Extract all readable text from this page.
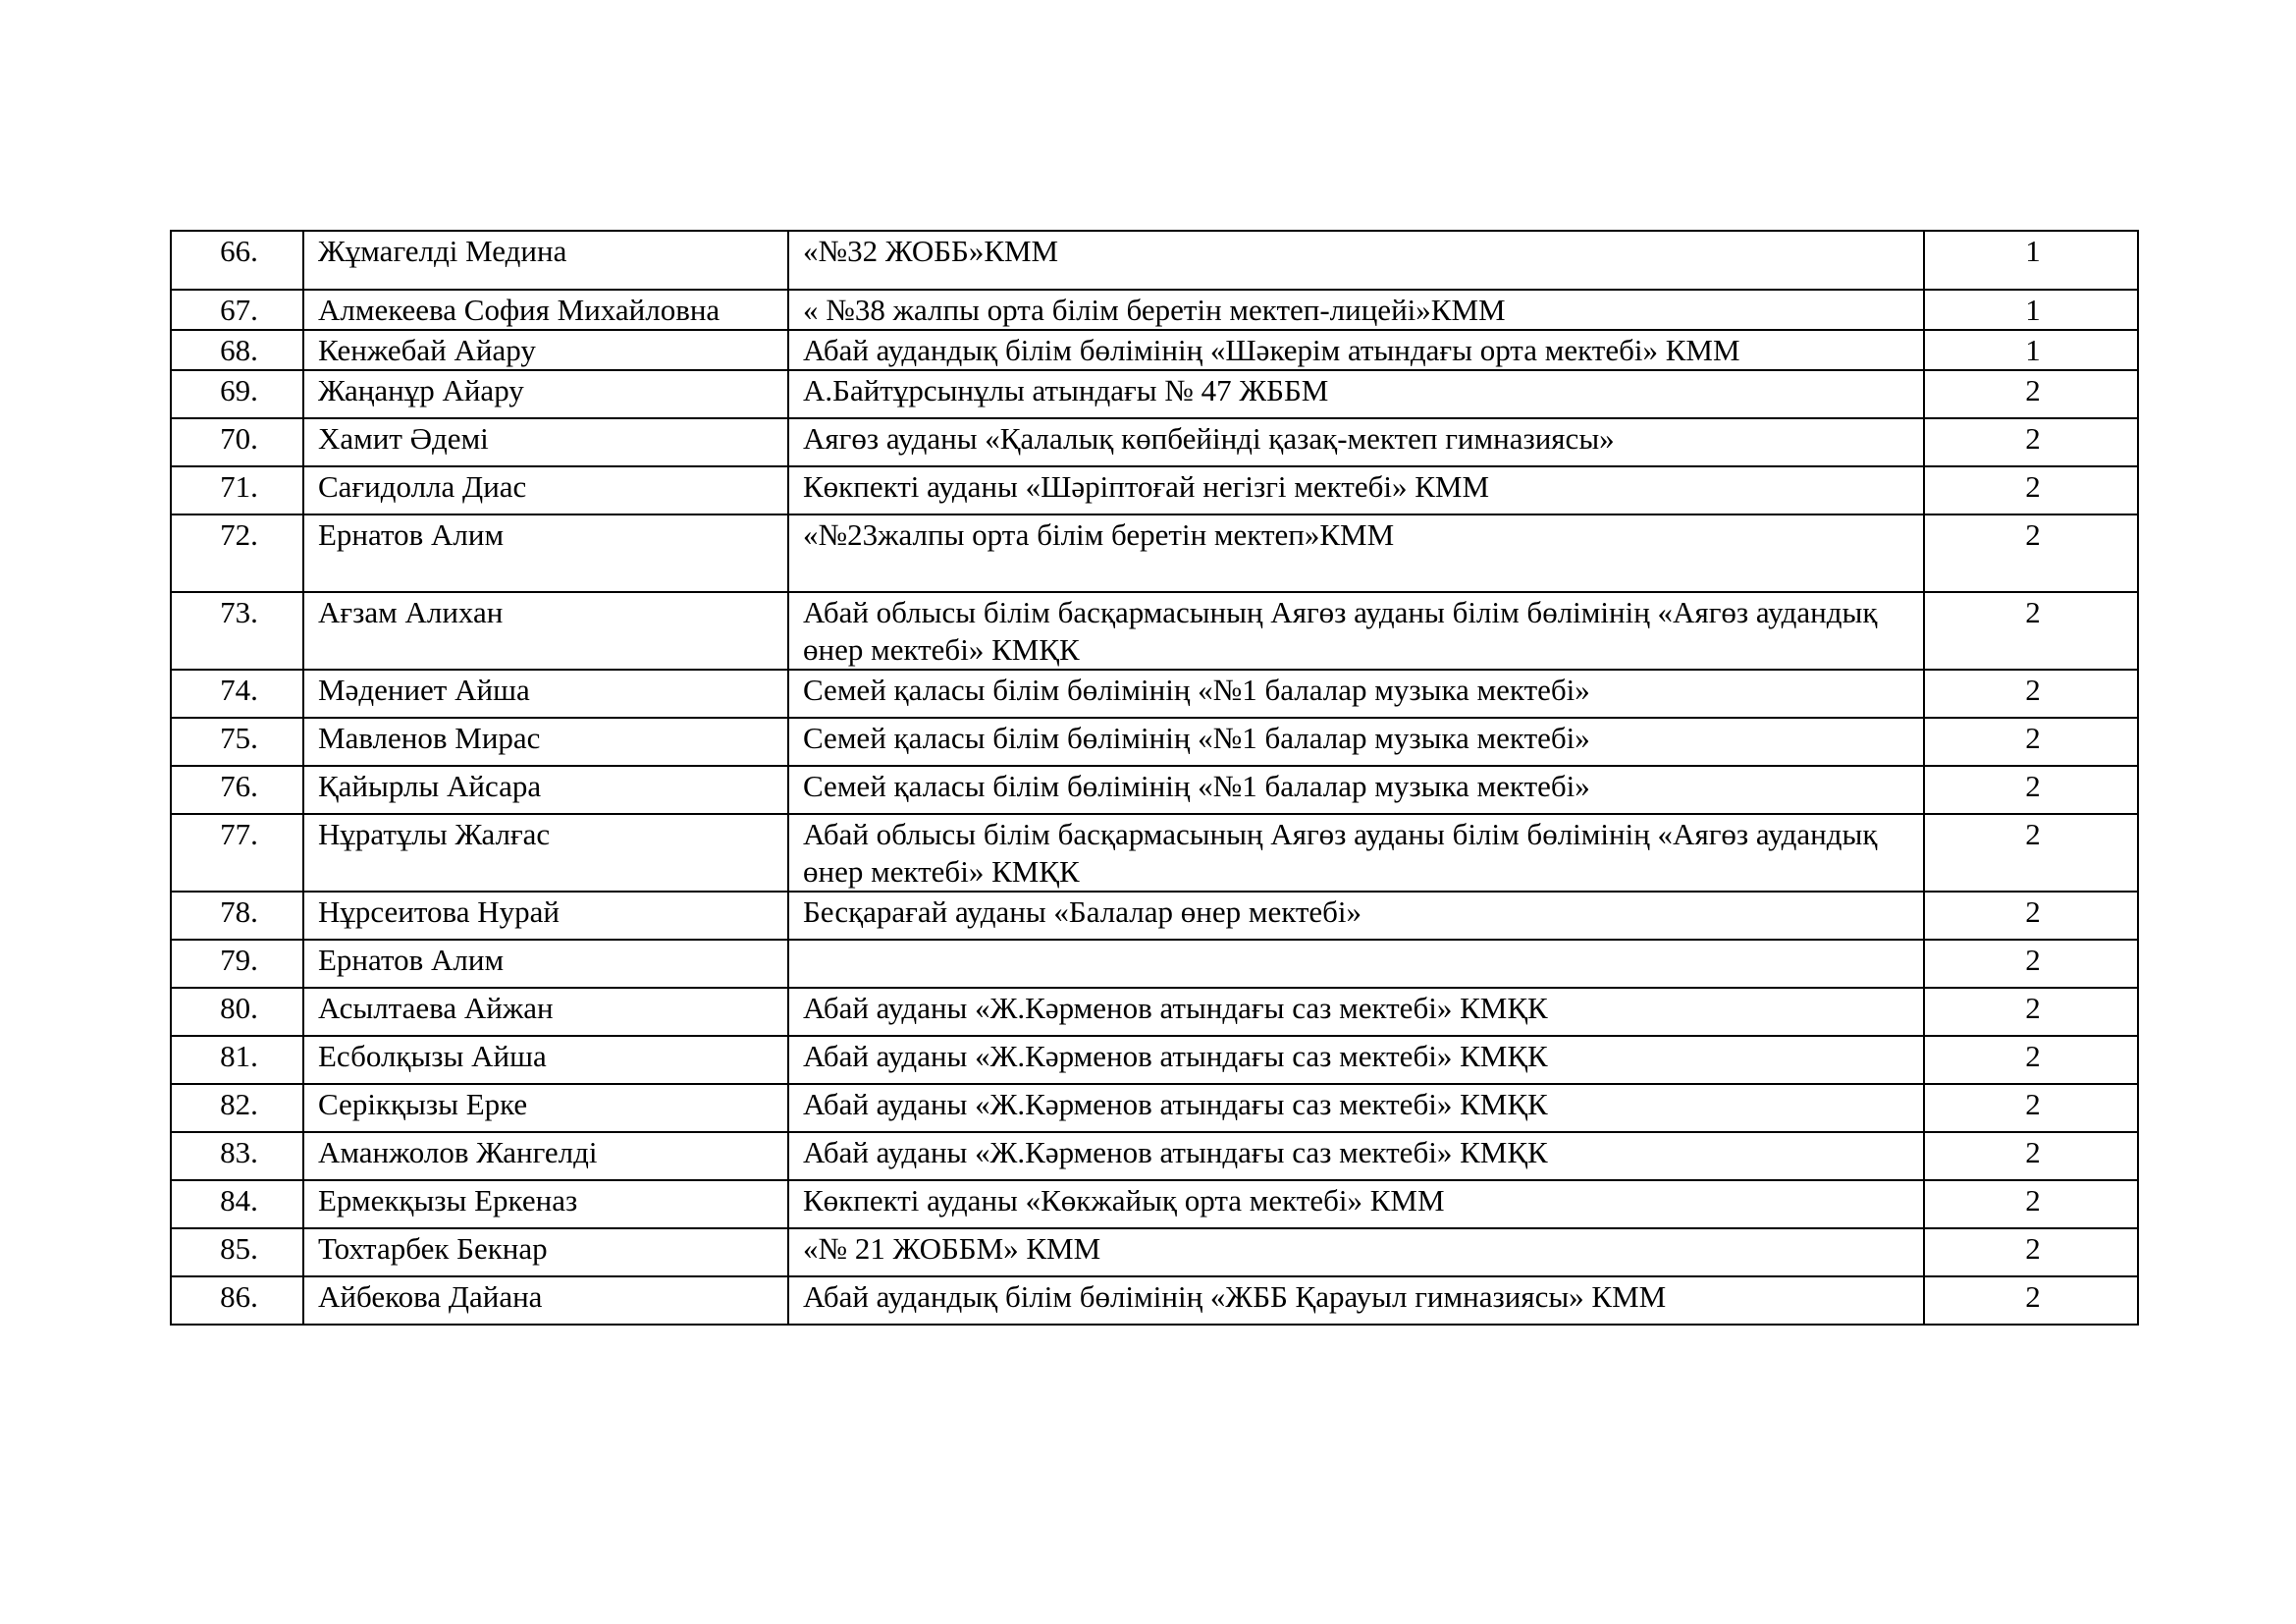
66.	Жұмагелді Медина	«№32 ЖОББ»КММ	1
67.	Алмекеева София Михайловна	« №38 жалпы орта білім беретін мектеп-лицейі»КММ	1
68.	Кенжебай Айару	Абай аудандық білім бөлімінің «Шәкерім атындағы орта мектебі» КММ	1
69.	Жаңанұр Айару	А.Байтұрсынұлы атындағы № 47 ЖББМ	2
70.	Хамит Әдемі	Аягөз ауданы «Қалалық көпбейінді қазақ-мектеп гимназиясы»	2
71.	Сағидолла Диас	Көкпекті ауданы «Шәріптоғай негізгі мектебі» КММ	2
72.	Ернатов Алим	«№23жалпы орта білім беретін мектеп»КММ	2
73.	Ағзам Алихан	Абай облысы білім басқармасының Аягөз ауданы білім бөлімінің «Аягөз аудандық өнер мектебі» КМҚК	2
74.	Мәдениет Айша	Семей қаласы білім бөлімінің «№1 балалар музыка мектебі»	2
75.	Мавленов Мирас	Семей қаласы білім бөлімінің «№1 балалар музыка мектебі»	2
76.	Қайырлы Айсара	Семей қаласы білім бөлімінің «№1 балалар музыка мектебі»	2
77.	Нұратұлы Жалғас	Абай облысы білім басқармасының Аягөз ауданы білім бөлімінің «Аягөз аудандық өнер мектебі» КМҚК	2
78.	Нұрсеитова Нурай	Бесқарағай ауданы «Балалар өнер мектебі»	2
79.	Ернатов Алим		2
80.	Асылтаева Айжан	Абай ауданы «Ж.Кәрменов атындағы саз мектебі» КМҚК	2
81.	Есболқызы Айша	Абай ауданы «Ж.Кәрменов атындағы саз мектебі» КМҚК	2
82.	Серікқызы Ерке	Абай ауданы «Ж.Кәрменов атындағы саз мектебі» КМҚК	2
83.	Аманжолов Жангелді	Абай ауданы «Ж.Кәрменов атындағы саз мектебі» КМҚК	2
84.	Ермекқызы Еркеназ	Көкпекті ауданы «Көкжайық орта мектебі» КММ	2
85.	Тохтарбек Бекнар	«№ 21 ЖОББМ» КММ	2
86.	Айбекова Дайана	Абай аудандық білім бөлімінің «ЖББ Қарауыл гимназиясы» КММ	2
